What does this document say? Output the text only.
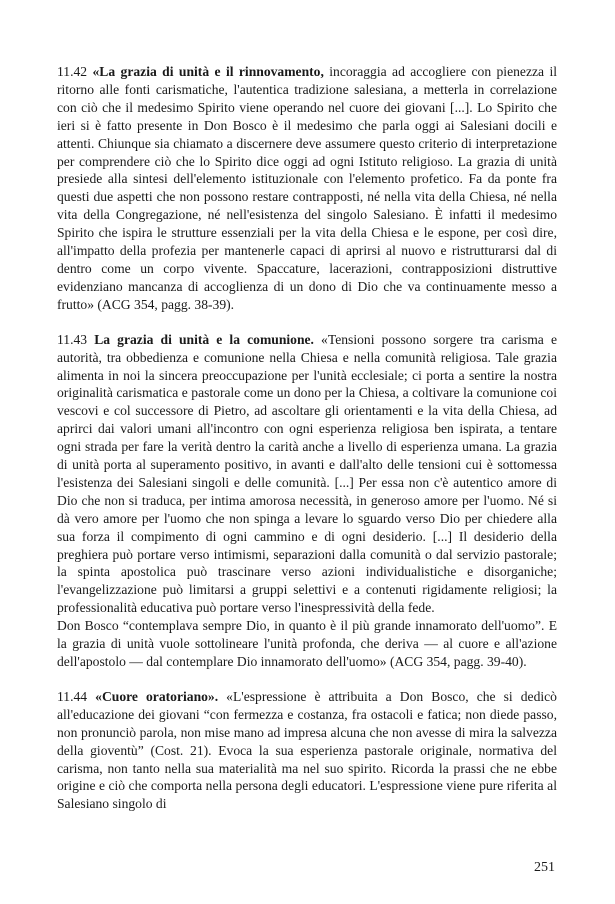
11.42 «La grazia di unità e il rinnovamento, incoraggia ad accogliere con pienezza il ritorno alle fonti carismatiche, l'autentica tradizione salesiana, a metterla in correlazione con ciò che il medesimo Spirito viene operando nel cuore dei giovani [...]. Lo Spirito che ieri si è fatto presente in Don Bosco è il medesimo che parla oggi ai Salesiani docili e attenti. Chiunque sia chiamato a discernere deve assumere questo criterio di interpretazione per comprendere ciò che lo Spirito dice oggi ad ogni Istituto religioso. La grazia di unità presiede alla sintesi dell'elemento istituzionale con l'elemento profetico. Fa da ponte fra questi due aspetti che non possono restare contrapposti, né nella vita della Chiesa, né nella vita della Congregazione, né nell'esistenza del singolo Salesiano. È infatti il medesimo Spirito che ispira le strutture essenziali per la vita della Chiesa e le espone, per così dire, all'impatto della profezia per mantenerle capaci di aprirsi al nuovo e ristrutturarsi dal di dentro come un corpo vivente. Spaccature, lacerazioni, contrapposizioni distruttive evidenziano mancanza di accoglienza di un dono di Dio che va continuamente messo a frutto» (ACG 354, pagg. 38-39).

11.43 La grazia di unità e la comunione. «Tensioni possono sorgere tra carisma e autorità, tra obbedienza e comunione nella Chiesa e nella comunità religiosa. Tale grazia alimenta in noi la sincera preoccupazione per l'unità ecclesiale; ci porta a sentire la nostra originalità carismatica e pastorale come un dono per la Chiesa, a coltivare la comunione coi vescovi e col successore di Pietro, ad ascoltare gli orientamenti e la vita della Chiesa, ad aprirci dai valori umani all'incontro con ogni esperienza religiosa ben ispirata, a tentare ogni strada per fare la verità dentro la carità anche a livello di esperienza umana. La grazia di unità porta al superamento positivo, in avanti e dall'alto delle tensioni cui è sottomessa l'esistenza dei Salesiani singoli e delle comunità. [...] Per essa non c'è autentico amore di Dio che non si traduca, per intima amorosa necessità, in generoso amore per l'uomo. Né si dà vero amore per l'uomo che non spinga a levare lo sguardo verso Dio per chiedere alla sua forza il compimento di ogni cammino e di ogni desiderio. [...] Il desiderio della preghiera può portare verso intimismi, separazioni dalla comunità o dal servizio pastorale; la spinta apostolica può trascinare verso azioni individualistiche e disorganiche; l'evangelizzazione può limitarsi a gruppi selettivi e a contenuti rigidamente religiosi; la professionalità educativa può portare verso l'inespressività della fede.

Don Bosco “contemplava sempre Dio, in quanto è il più grande innamorato dell'uomo”. E la grazia di unità vuole sottolineare l'unità profonda, che deriva — al cuore e all'azione dell'apostolo — dal contemplare Dio innamorato dell'uomo» (ACG 354, pagg. 39-40).

11.44 «Cuore oratoriano». «L'espressione è attribuita a Don Bosco, che si dedicò all'educazione dei giovani “con fermezza e costanza, fra ostacoli e fatica; non diede passo, non pronunciò parola, non mise mano ad impresa alcuna che non avesse di mira la salvezza della gioventù” (Cost. 21). Evoca la sua esperienza pastorale originale, normativa del carisma, non tanto nella sua materialità ma nel suo spirito. Ricorda la prassi che ne ebbe origine e ciò che comporta nella persona degli educatori. L'espressione viene pure riferita al Salesiano singolo di

251
